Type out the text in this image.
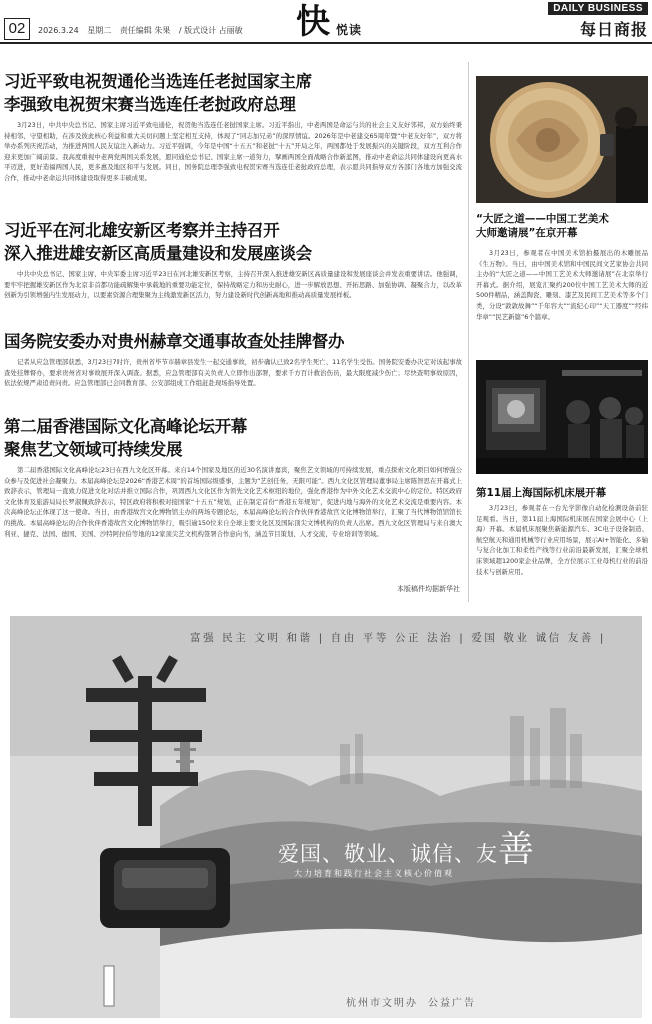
02	2026.3.24 星期二 责任编辑 朱果 / 版式设计 占丽敏 快 悦读
DAILY BUSINESS
每日商报
习近平致电祝贺通伦当选连任老挝国家主席
李强致电祝贺宋赛当选连任老挝政府总理

3月23日，中共中央总书记、国家主席习近平致电通伦，祝贺他当选连任老挝国家主席。习近平指出，中老两国是命运与共的社会主义友好邻邦，双方始终秉持相邻、守望相助，在涉及彼此核心利益和重大关切问题上坚定相互支持，体现了“同志加兄弟”的深厚情谊。2026年是中老建交65周年暨“中老友好年”，双方将举办系列庆祝活动，为推进两国人民友谊注入新动力。习近平强调，今年是中国“十五五”和老挝“十五”开局之年，两国都处于发展振兴的关键阶段，双方互利合作迎来更加广阔前景。我高度重视中老两党两国关系发展，愿同通伦总书记、国家主席一道努力，擘画两国全面战略合作新蓝图，推动中老命运共同体建设向更高水平迈进，更好造福两国人民，更多惠及地区和平与发展。同日，国务院总理李强致电祝贺宋赛当选连任老挝政府总理，表示愿共同指导双方各部门各地方加强交流合作，推动中老命运共同体建设取得更多丰硕成果。

习近平在河北雄安新区考察并主持召开
深入推进雄安新区高质量建设和发展座谈会

中共中央总书记、国家主席、中央军委主席习近平23日在河北雄安新区考察，主持召开深入推进雄安新区高质量建设和发展座谈会并发表重要讲话。他强调，要牢牢把握雄安新区作为北京非首都功能疏解集中承载地的重要功能定位，保持战略定力和历史耐心，进一步解放思想、开拓思路、加强协调、凝聚合力，以改革创新为引领增强内生发展动力，以要素资源合理集聚为主线激发新区活力，努力建设新时代创新高地和推动高质量发展样板。

国务院安委办对贵州赫章交通事故查处挂牌督办

记者从应急管理部获悉，3月23日7时许，贵州省毕节市赫章县发生一起交通事故，初步确认已致2名学生死亡、11名学生受伤。国务院安委办决定对该起事故查处挂牌督办，要求贵州省对事故展开深入调查。据悉，应急管理部有关负责人立即作出部署，要求千方百计救治伤员，最大限度减少伤亡；尽快查明事故原因，依法依规严肃追责问责。应急管理部已会同教育部、公安部组成工作组赶赴现场指导处置。

第二届香港国际文化高峰论坛开幕
聚焦艺文领域可持续发展

第二届香港国际文化高峰论坛23日在西九文化区开幕。来自14个国家及地区的近30名演讲嘉宾，聚焦艺文领域的可持续发展，重点探索文化项目如何增强公众参与及促进社会凝聚力。本届高峰论坛是2026“香港艺术周”的首场国际级盛事，主题为“艺创任务，无限可能”。西九文化区管理局董事局主席陈智思在开幕式上致辞表示，管理局一直致力促进文化对话并推立国际合作，巩固西九文化区作为领先文化艺术枢纽的地位，强化香港作为中外文化艺术交流中心的定位。特区政府文化体育及旅游局局长罗淑佩致辞表示，特区政府将积极对接国家“十五五”规划，正在制定首份“香港五年规划”，促进内地与海外的文化艺术交流是重要内容。本次高峰论坛正体现了这一使命。当日，由香港故宫文化博物馆主办的两场专题论坛，本届高峰论坛的合作伙伴香港故宫文化博物馆举行，汇聚了当代博物馆馆馆长的挑战。本届高峰论坛的合作伙伴香港故宫文化博物馆举行，吸引逾150位来自全球主要文化区及国际顶尖文博机构的负责人出席。西九文化区管理局与来自澳大利亚、捷克、法国、德国、美国、沙特阿拉伯等地的12家顶尖艺文机构签署合作意向书，涵盖节目策划、人才交流、专业培训等领域。

本版稿件均据新华社
“大匠之道——中国工艺美术
大师邀请展”在京开幕

3月23日，参观者在中国美术馆拍摄展出的木雕展品《生万物》。当日，由中国美术馆和中国民间文艺家协会共同主办的“大匠之道——中国工艺美术大师邀请展”在北京举行开幕式。据介绍，展览汇聚约200位中国工艺美术大师的近500件精品，涵盖陶瓷、雕刻、漆艺及民间工艺美术等多个门类，分设“敦敦故舞”“千年容大”“流纪心印”“天工器度”“经纬华章”“民艺新篇”6个篇章。

第11届上海国际机床展开幕

3月23日，参观者在一台光学影像自动化检测设备前驻足观看。当日，第11届上海国际机床展在国家会展中心（上海）开幕。本届机床展聚焦新能源汽车、3C电子设备制造、航空航天和通用机械等行业应用场景，展示AI+智能化、多轴与复合化加工和柔性产线等行业前沿最新发展，汇聚全球机床领域超1200家企业品牌，全方位展示工业母机行业的前沿技术与创新应用。

富强 民主 文明 和谐 | 自由 平等 公正 法治 | 爱国 敬业 诚信 友善 |
爱国、敬业、诚信、友善
大力培育和践行社会主义核心价值观
杭州市文明办 公益广告
